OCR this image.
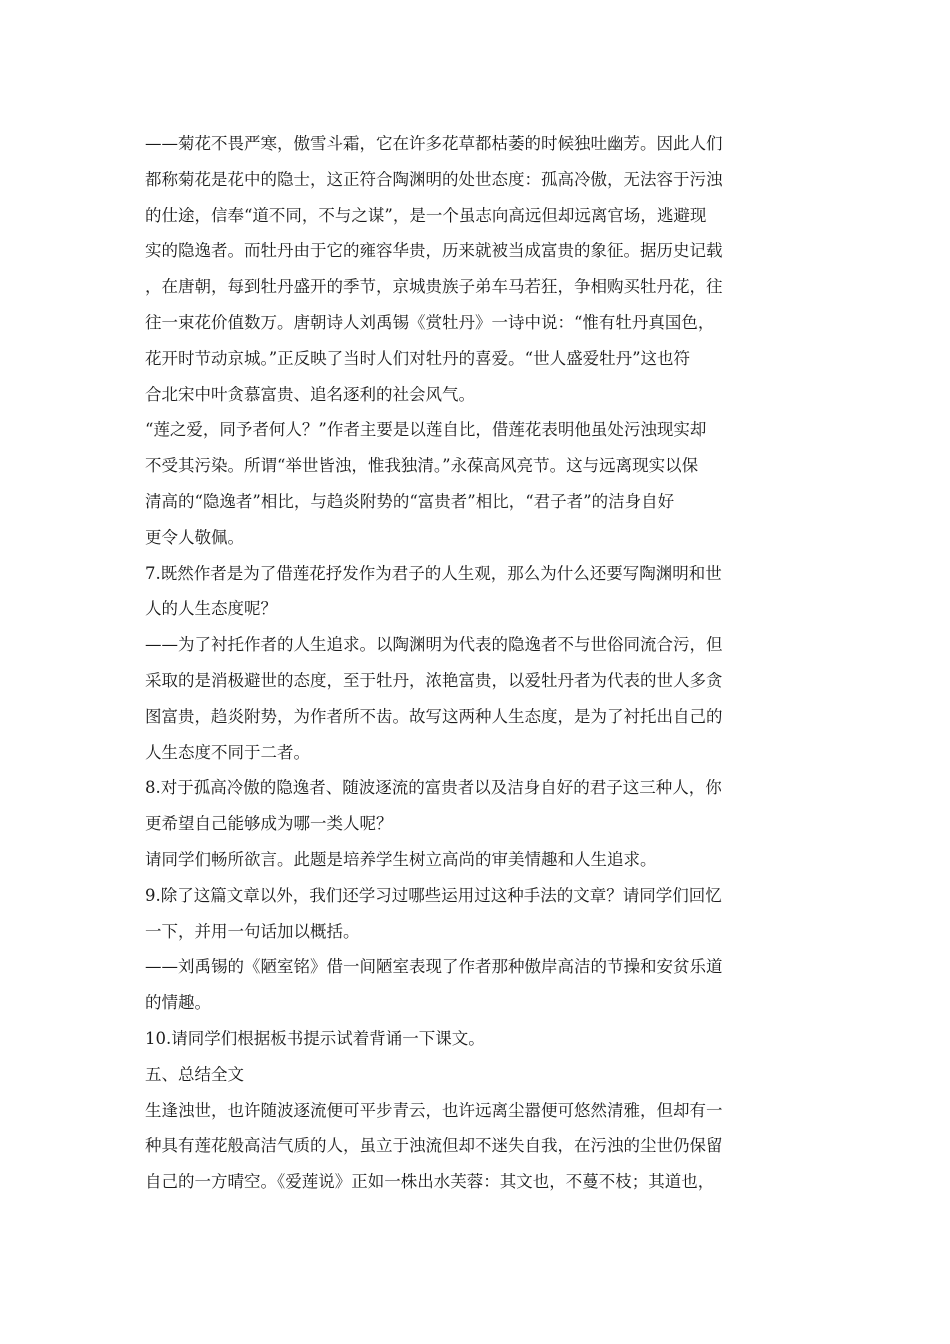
——菊花不畏严寒，傲雪斗霜，它在许多花草都枯萎的时候独吐幽芳。因此人们

都称菊花是花中的隐士，这正符合陶渊明的处世态度：孤高冷傲，无法容于污浊

的仕途，信奉“道不同，不与之谋”，是一个虽志向高远但却远离官场，逃避现

实的隐逸者。而牡丹由于它的雍容华贵，历来就被当成富贵的象征。据历史记载

，在唐朝，每到牡丹盛开的季节，京城贵族子弟车马若狂，争相购买牡丹花，往

往一束花价值数万。唐朝诗人刘禹锡《赏牡丹》一诗中说：“惟有牡丹真国色，

花开时节动京城。”正反映了当时人们对牡丹的喜爱。“世人盛爱牡丹”这也符

合北宋中叶贪慕富贵、追名逐利的社会风气。

“莲之爱，同予者何人？”作者主要是以莲自比，借莲花表明他虽处污浊现实却

不受其污染。所谓“举世皆浊，惟我独清。”永葆高风亮节。这与远离现实以保

清高的“隐逸者”相比，与趋炎附势的“富贵者”相比，“君子者”的洁身自好

更令人敬佩。

7.既然作者是为了借莲花抒发作为君子的人生观，那么为什么还要写陶渊明和世

人的人生态度呢？

——为了衬托作者的人生追求。以陶渊明为代表的隐逸者不与世俗同流合污，但

采取的是消极避世的态度，至于牡丹，浓艳富贵，以爱牡丹者为代表的世人多贪

图富贵，趋炎附势，为作者所不齿。故写这两种人生态度，是为了衬托出自己的

人生态度不同于二者。

8.对于孤高冷傲的隐逸者、随波逐流的富贵者以及洁身自好的君子这三种人，你

更希望自己能够成为哪一类人呢？

请同学们畅所欲言。此题是培养学生树立高尚的审美情趣和人生追求。

9.除了这篇文章以外，我们还学习过哪些运用过这种手法的文章？请同学们回忆

一下，并用一句话加以概括。

——刘禹锡的《陋室铭》借一间陋室表现了作者那种傲岸高洁的节操和安贫乐道

的情趣。

10.请同学们根据板书提示试着背诵一下课文。

五、总结全文

生逢浊世，也许随波逐流便可平步青云，也许远离尘嚣便可悠然清雅，但却有一

种具有莲花般高洁气质的人，虽立于浊流但却不迷失自我，在污浊的尘世仍保留

自己的一方晴空。《爱莲说》正如一株出水芙蓉：其文也，不蔓不枝；其道也，
